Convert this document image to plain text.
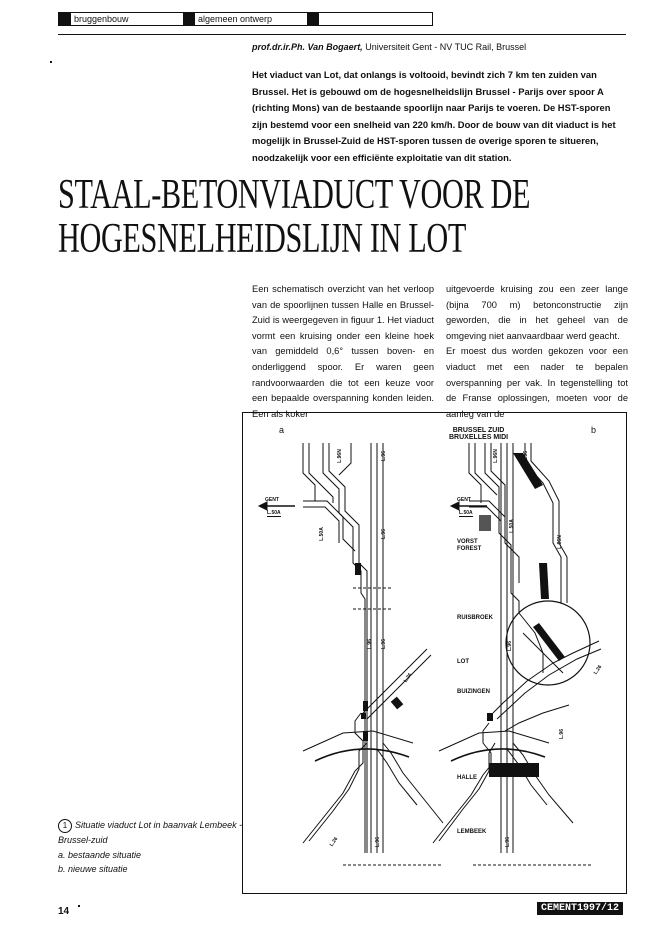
bruggenbouw	algemeen ontwerp
prof.dr.ir.Ph. Van Bogaert, Universiteit Gent - NV TUC Rail, Brussel
Het viaduct van Lot, dat onlangs is voltooid, bevindt zich 7 km ten zuiden van Brussel. Het is gebouwd om de hogesnelheidslijn Brussel - Parijs over spoor A (richting Mons) van de bestaande spoorlijn naar Parijs te voeren. De HST-sporen zijn bestemd voor een snelheid van 220 km/h. Door de bouw van dit viaduct is het mogelijk in Brussel-Zuid de HST-sporen tussen de overige sporen te situeren, noodzakelijk voor een efficiënte exploitatie van dit station.
STAAL-BETONVIADUCT VOOR DE
HOGESNELHEIDSLIJN IN LOT

Een schematisch overzicht van het verloop van de spoorlijnen tussen Halle en Brussel-Zuid is weergegeven in figuur 1. Het viaduct vormt een kruising onder een kleine hoek van gemiddeld 0,6° tussen boven- en onderliggend spoor. Er waren geen randvoorwaarden die tot een keuze voor een bepaalde overspanning konden leiden. Een als koker

uitgevoerde kruising zou een zeer lange (bijna 700 m) betonconstructie zijn geworden, die in het geheel van de omgeving niet aanvaardbaar werd geacht.

Er moest dus worden gekozen voor een viaduct met een nader te bepalen overspanning per vak. In tegenstelling tot de Franse oplossingen, moeten voor de aanleg van de

a	b
BRUSSEL ZUID
BRUXELLES MIDI
GENT
L.50A
GENT
L.50A
VORST
FOREST
RUISBROEK
LOT
BUIZINGEN
HALLE
LEMBEEK
L.96N	L.96
L.50A	L.96
L.96N	L.96
L.50A
L.96
L.26
L.96
L.96N
L.96
L.96
L.26
L.26	L.96	L.96
1 Situatie viaduct Lot in baanvak Lembeek - Brussel-zuid
a. bestaande situatie
b. nieuwe situatie
14	CEMENT1997/12
